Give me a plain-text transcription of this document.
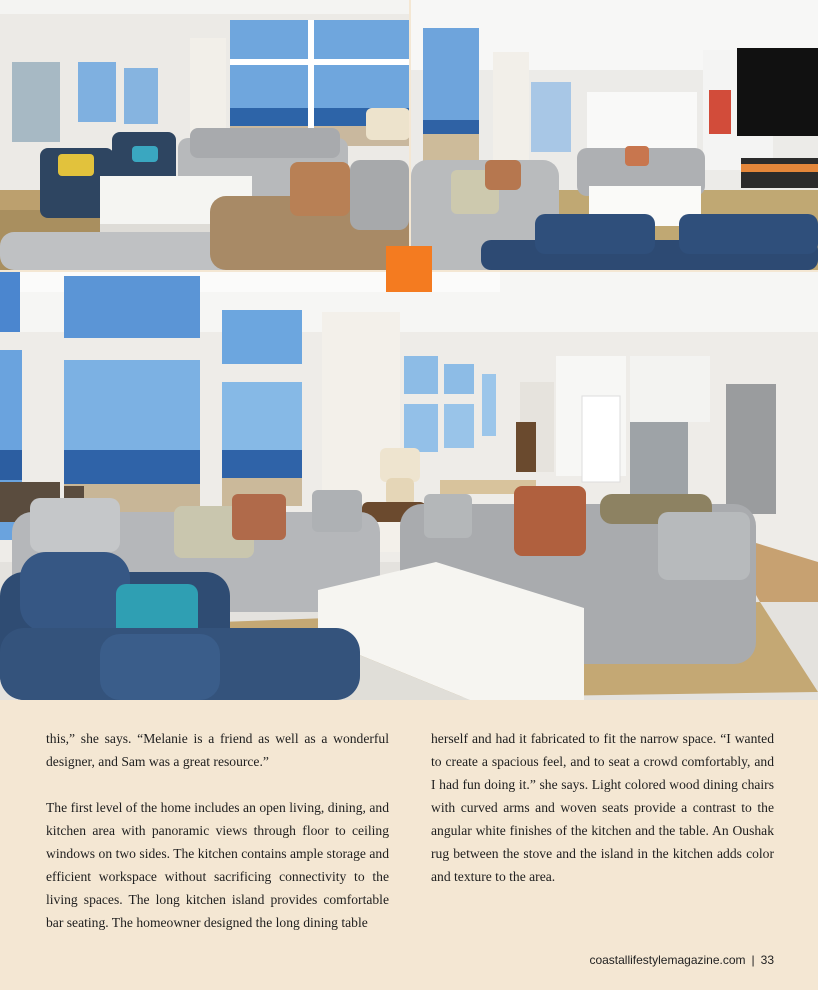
this,” she says. “Melanie is a friend as well as a wonderful designer, and Sam was a great resource.”

The first level of the home includes an open living, dining, and kitchen area with panoramic views through floor to ceiling windows on two sides. The kitchen contains ample storage and efficient workspace without sacrificing connectivity to the living spaces. The long kitchen island provides comfortable bar seating. The homeowner designed the long dining table

herself and had it fabricated to fit the narrow space. “I wanted to create a spacious feel, and to seat a crowd comfortably, and I had fun doing it.” she says. Light colored wood dining chairs with curved arms and woven seats provide a contrast to the angular white finishes of the kitchen and the table. An Oushak rug between the stove and the island in the kitchen adds color and texture to the area.

coastallifestylemagazine.com | 33
